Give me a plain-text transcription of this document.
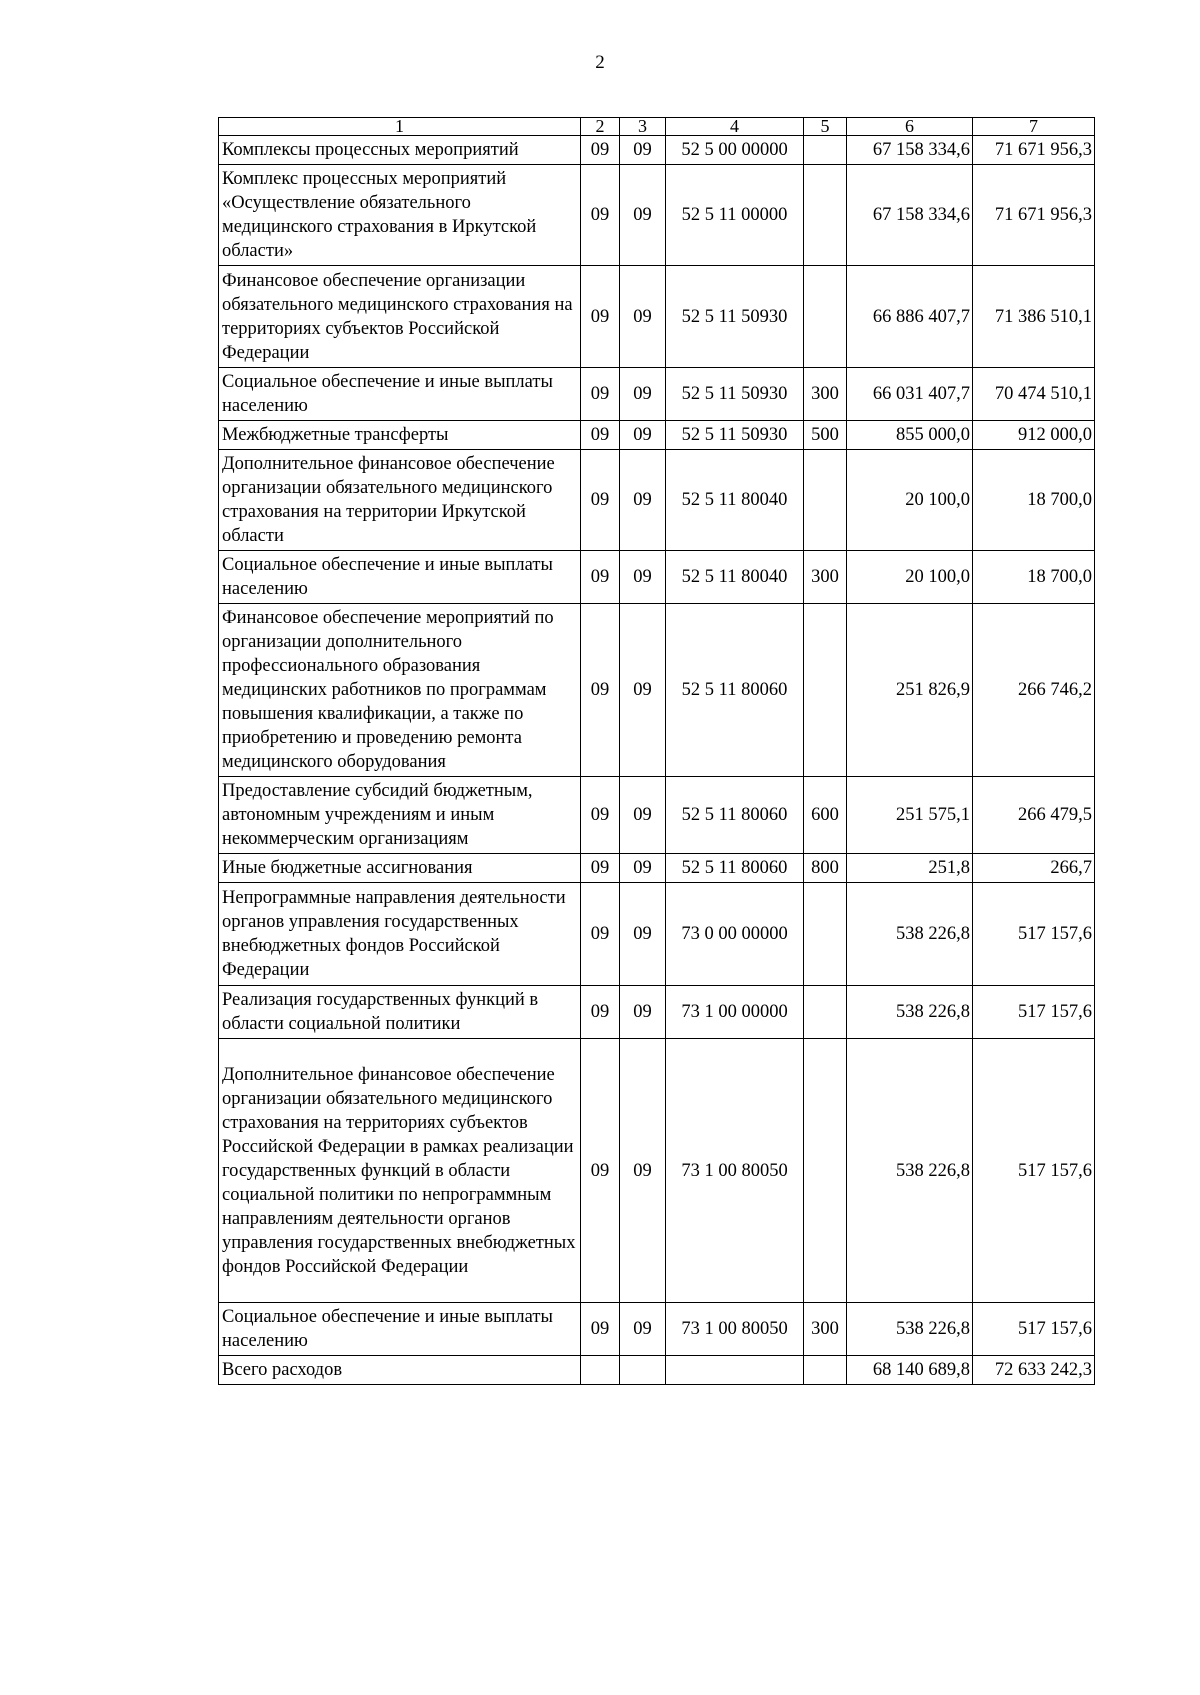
2
1	2	3	4	5	6	7
Комплексы процессных мероприятий	09	09	52 5 00 00000		67 158 334,6	71 671 956,3
Комплекс процессных мероприятий «Осуществление обязательного медицинского страхования в Иркутской области»	09	09	52 5 11 00000		67 158 334,6	71 671 956,3
Финансовое обеспечение организации обязательного медицинского страхования на территориях субъектов Российской Федерации	09	09	52 5 11 50930		66 886 407,7	71 386 510,1
Социальное обеспечение и иные выплаты населению	09	09	52 5 11 50930	300	66 031 407,7	70 474 510,1
Межбюджетные трансферты	09	09	52 5 11 50930	500	855 000,0	912 000,0
Дополнительное финансовое обеспечение организации обязательного медицинского страхования на территории Иркутской области	09	09	52 5 11 80040		20 100,0	18 700,0
Социальное обеспечение и иные выплаты населению	09	09	52 5 11 80040	300	20 100,0	18 700,0
Финансовое обеспечение мероприятий по организации дополнительного профессионального образования медицинских работников по программам повышения квалификации, а также по приобретению и проведению ремонта медицинского оборудования	09	09	52 5 11 80060		251 826,9	266 746,2
Предоставление субсидий бюджетным, автономным учреждениям и иным некоммерческим организациям	09	09	52 5 11 80060	600	251 575,1	266 479,5
Иные бюджетные ассигнования	09	09	52 5 11 80060	800	251,8	266,7
Непрограммные направления деятельности органов управления государственных внебюджетных фондов Российской Федерации	09	09	73 0 00 00000		538 226,8	517 157,6
Реализация государственных функций в области социальной политики	09	09	73 1 00 00000		538 226,8	517 157,6
Дополнительное финансовое обеспечение организации обязательного медицинского страхования на территориях субъектов Российской Федерации в рамках реализации государственных функций в области социальной политики по непрограммным направлениям деятельности органов управления государственных внебюджетных фондов Российской Федерации	09	09	73 1 00 80050		538 226,8	517 157,6
Социальное обеспечение и иные выплаты населению	09	09	73 1 00 80050	300	538 226,8	517 157,6
Всего расходов					68 140 689,8	72 633 242,3
